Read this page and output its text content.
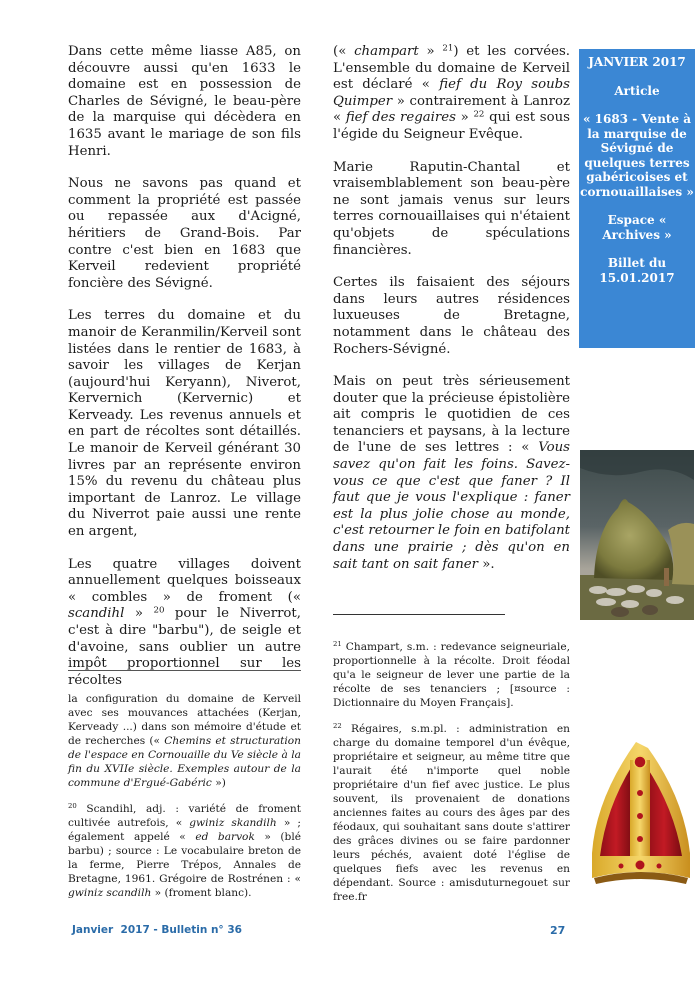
Dans cette même liasse A85, on découvre aussi qu'en 1633 le domaine est en possession de Charles de Sévigné, le beau-père de la marquise qui décèdera en 1635 avant le mariage de son fils Henri.

Nous ne savons pas quand et comment la propriété est passée ou repassée aux d'Acigné, héritiers de Grand-Bois. Par contre c'est bien en 1683 que Kerveil redevient propriété foncière des Sévigné.

Les terres du domaine et du manoir de Keranmilin/Kerveil sont listées dans le rentier de 1683, à savoir les villages de Kerjan (aujourd'hui Keryann), Niverot, Kervernich (Kervernic) et Kerveady. Les revenus annuels et en part de récoltes sont détaillés. Le manoir de Kerveil générant 30 livres par an représente environ 15% du revenu du château plus important de Lanroz. Le village du Niverrot paie aussi une rente en argent,

Les quatre villages doivent annuellement quelques boisseaux « combles » de froment (« scandihl » $^{20}$ pour le Niverrot, c'est à dire "barbu"), de seigle et d'avoine, sans oublier un autre impôt proportionnel sur les récoltes

la configuration du domaine de Kerveil avec ses mouvances attachées (Kerjan, Kerveady ...) dans son mémoire d'étude et de recherches (« Chemins et structuration de l'espace en Cornouaille du Ve siècle à la fin du XVIIe siècle. Exemples autour de la commune d'Ergué-Gabéric »)

$^{20}$ Scandihl, adj. : variété de froment cultivée autrefois, « gwiniz skandilh » ; également appelé « ed barvok » (blé barbu) ; source : Le vocabulaire breton de la ferme, Pierre Trépos, Annales de Bretagne, 1961. Grégoire de Rostrénen : « gwiniz scandilh » (froment blanc).

(« champart » $^{21}$) et les corvées. L'ensemble du domaine de Kerveil est déclaré « fief du Roy soubs Quimper » contrairement à Lanroz « fief des regaires » $^{22}$ qui est sous l'égide du Seigneur Evêque.

Marie Raputin-Chantal et vraisemblablement son beau-père ne sont jamais venus sur leurs terres cornouaillaises qui n'étaient qu'objets de spéculations financières.

Certes ils faisaient des séjours dans leurs autres résidences luxueuses de Bretagne, notamment dans le château des Rochers-Sévigné.

Mais on peut très sérieusement douter que la précieuse épistolière ait compris le quotidien de ces tenanciers et paysans, à la lecture de l'une de ses lettres : « Vous savez qu'on fait les foins. Savez-vous ce que c'est que faner ? Il faut que je vous l'explique : faner est la plus jolie chose au monde, c'est retourner le foin en batifolant dans une prairie ; dès qu'on en sait tant on sait faner ».

$^{21}$ Champart, s.m. : redevance seigneuriale, proportionnelle à la récolte. Droit féodal qu'a le seigneur de lever une partie de la récolte de ses tenanciers ; [¤source : Dictionnaire du Moyen Français].

$^{22}$ Régaires, s.m.pl. : administration en charge du domaine temporel d'un évêque, propriétaire et seigneur, au même titre que l'aurait été n'importe quel noble propriétaire d'un fief avec justice. Le plus souvent, ils provenaient de donations anciennes faites au cours des âges par des féodaux, qui souhaitant sans doute s'attirer des grâces divines ou se faire pardonner leurs péchés, avaient doté l'église de quelques fiefs avec les revenus en dépendant. Source : amisduturnegouet sur free.fr

JANVIER 2017
Article
« 1683 - Vente à la marquise de Sévigné de quelques terres gabéricoises et cornouaillaises »
Espace « Archives »
Billet du 15.01.2017
Janvier  2017 - Bulletin n° 36	27
